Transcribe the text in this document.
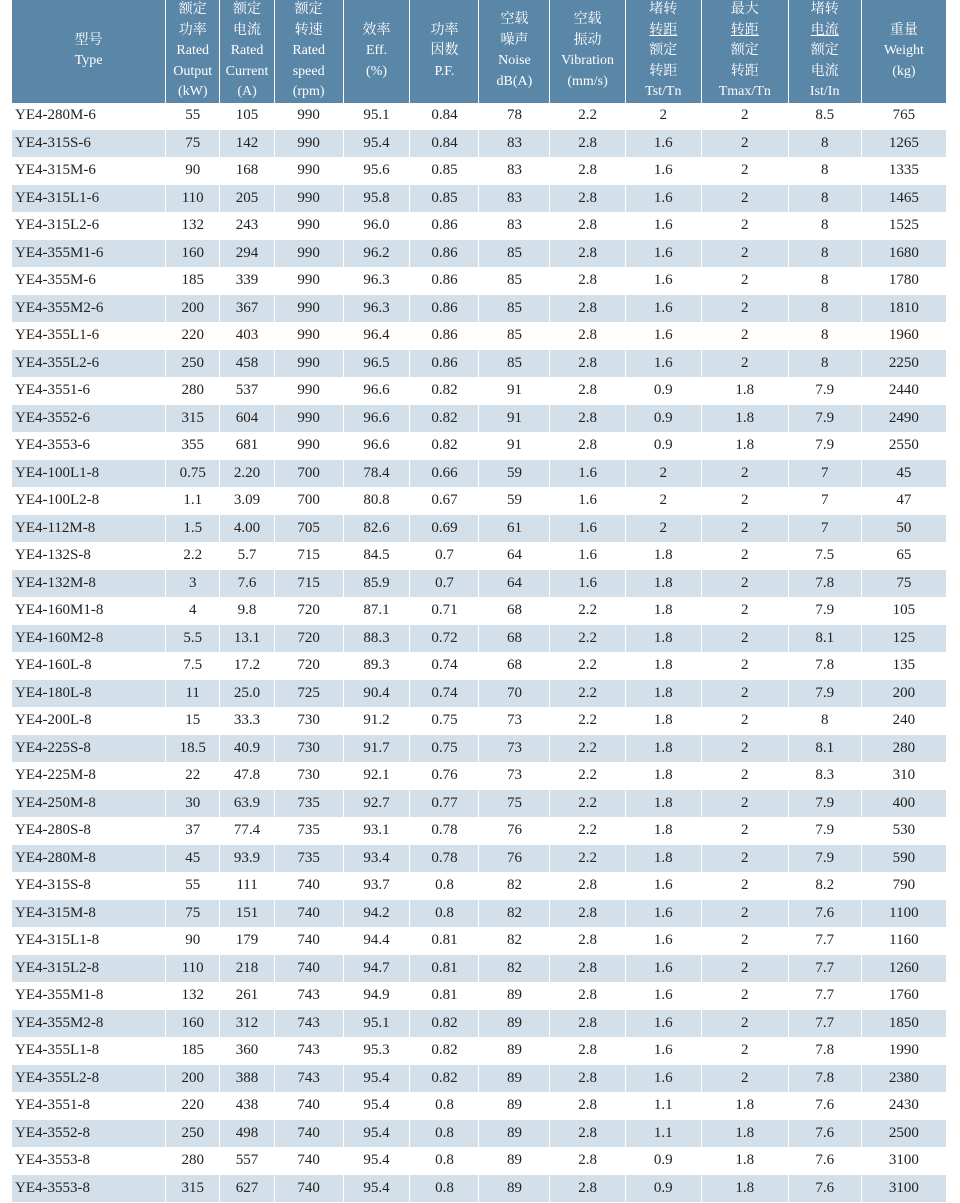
型号
Type	额定
功率
Rated
Output
(kW)	额定
电流
Rated
Current
(A)	额定
转速
Rated
speed
(rpm)	效率
Eff.
(%)	功率
因数
P.F.	空载
噪声
Noise
dB(A)	空载
振动
Vibration
(mm/s)	堵转
转距
额定
转距
Tst/Tn	最大
转距
额定
转距
Tmax/Tn	堵转
电流
额定
电流
Ist/In	重量
Weight
(kg)

YE4-280M-6	55	105	990	95.1	0.84	78	2.2	2	2	8.5	765
YE4-315S-6	75	142	990	95.4	0.84	83	2.8	1.6	2	8	1265
YE4-315M-6	90	168	990	95.6	0.85	83	2.8	1.6	2	8	1335
YE4-315L1-6	110	205	990	95.8	0.85	83	2.8	1.6	2	8	1465
YE4-315L2-6	132	243	990	96.0	0.86	83	2.8	1.6	2	8	1525
YE4-355M1-6	160	294	990	96.2	0.86	85	2.8	1.6	2	8	1680
YE4-355M-6	185	339	990	96.3	0.86	85	2.8	1.6	2	8	1780
YE4-355M2-6	200	367	990	96.3	0.86	85	2.8	1.6	2	8	1810
YE4-355L1-6	220	403	990	96.4	0.86	85	2.8	1.6	2	8	1960
YE4-355L2-6	250	458	990	96.5	0.86	85	2.8	1.6	2	8	2250
YE4-3551-6	280	537	990	96.6	0.82	91	2.8	0.9	1.8	7.9	2440
YE4-3552-6	315	604	990	96.6	0.82	91	2.8	0.9	1.8	7.9	2490
YE4-3553-6	355	681	990	96.6	0.82	91	2.8	0.9	1.8	7.9	2550
YE4-100L1-8	0.75	2.20	700	78.4	0.66	59	1.6	2	2	7	45
YE4-100L2-8	1.1	3.09	700	80.8	0.67	59	1.6	2	2	7	47
YE4-112M-8	1.5	4.00	705	82.6	0.69	61	1.6	2	2	7	50
YE4-132S-8	2.2	5.7	715	84.5	0.7	64	1.6	1.8	2	7.5	65
YE4-132M-8	3	7.6	715	85.9	0.7	64	1.6	1.8	2	7.8	75
YE4-160M1-8	4	9.8	720	87.1	0.71	68	2.2	1.8	2	7.9	105
YE4-160M2-8	5.5	13.1	720	88.3	0.72	68	2.2	1.8	2	8.1	125
YE4-160L-8	7.5	17.2	720	89.3	0.74	68	2.2	1.8	2	7.8	135
YE4-180L-8	11	25.0	725	90.4	0.74	70	2.2	1.8	2	7.9	200
YE4-200L-8	15	33.3	730	91.2	0.75	73	2.2	1.8	2	8	240
YE4-225S-8	18.5	40.9	730	91.7	0.75	73	2.2	1.8	2	8.1	280
YE4-225M-8	22	47.8	730	92.1	0.76	73	2.2	1.8	2	8.3	310
YE4-250M-8	30	63.9	735	92.7	0.77	75	2.2	1.8	2	7.9	400
YE4-280S-8	37	77.4	735	93.1	0.78	76	2.2	1.8	2	7.9	530
YE4-280M-8	45	93.9	735	93.4	0.78	76	2.2	1.8	2	7.9	590
YE4-315S-8	55	111	740	93.7	0.8	82	2.8	1.6	2	8.2	790
YE4-315M-8	75	151	740	94.2	0.8	82	2.8	1.6	2	7.6	1100
YE4-315L1-8	90	179	740	94.4	0.81	82	2.8	1.6	2	7.7	1160
YE4-315L2-8	110	218	740	94.7	0.81	82	2.8	1.6	2	7.7	1260
YE4-355M1-8	132	261	743	94.9	0.81	89	2.8	1.6	2	7.7	1760
YE4-355M2-8	160	312	743	95.1	0.82	89	2.8	1.6	2	7.7	1850
YE4-355L1-8	185	360	743	95.3	0.82	89	2.8	1.6	2	7.8	1990
YE4-355L2-8	200	388	743	95.4	0.82	89	2.8	1.6	2	7.8	2380
YE4-3551-8	220	438	740	95.4	0.8	89	2.8	1.1	1.8	7.6	2430
YE4-3552-8	250	498	740	95.4	0.8	89	2.8	1.1	1.8	7.6	2500
YE4-3553-8	280	557	740	95.4	0.8	89	2.8	0.9	1.8	7.6	3100
YE4-3553-8	315	627	740	95.4	0.8	89	2.8	0.9	1.8	7.6	3100
